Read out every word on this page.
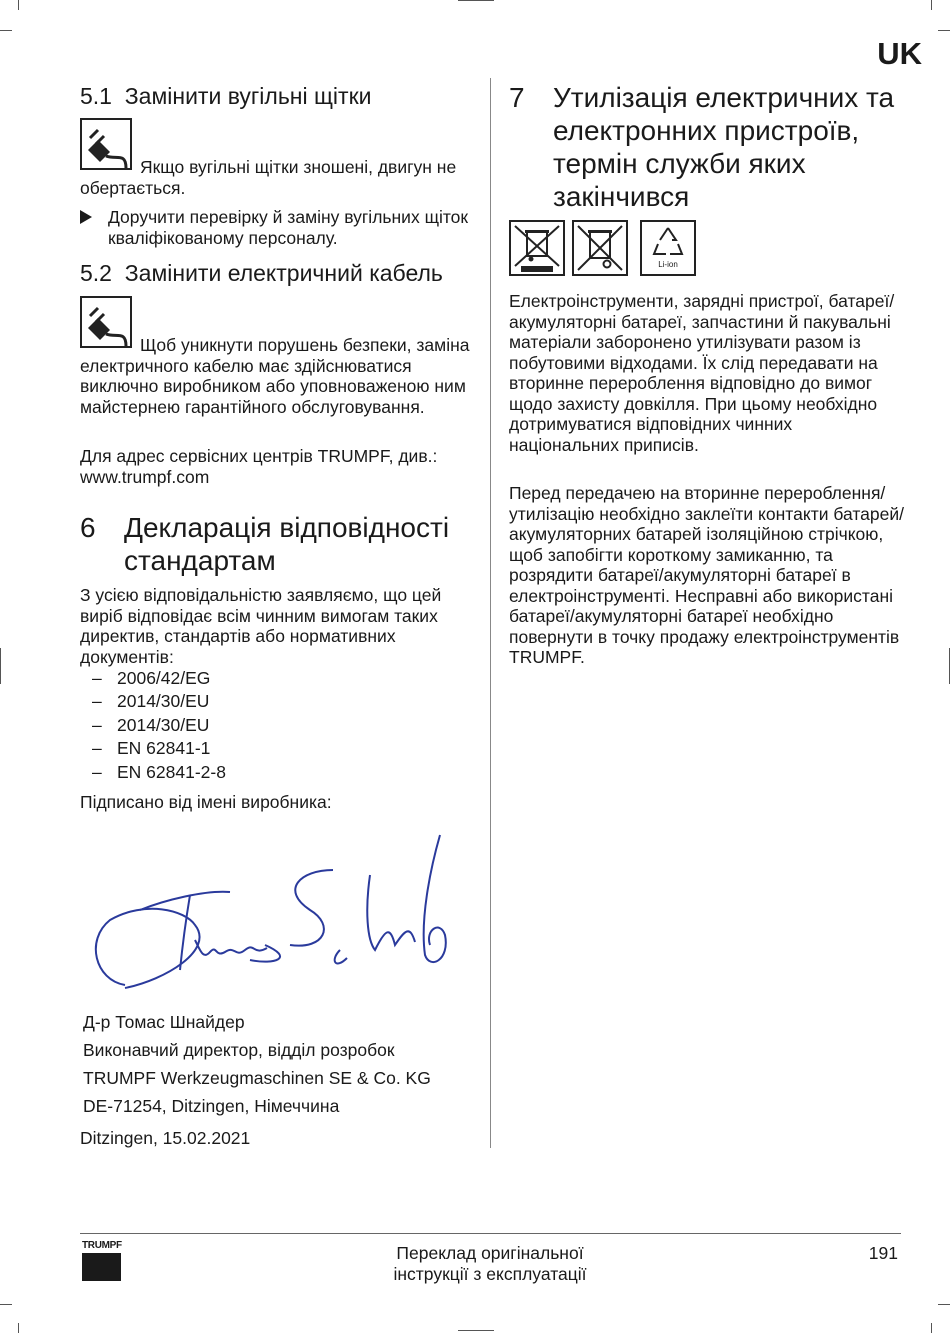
UK
5.1 Замінити вугільні щітки
Якщо вугільні щітки зношені, двигун не обертається.
Доручити перевірку й заміну вугільних щіток кваліфікованому персоналу.
5.2 Замінити електричний кабель
Щоб уникнути порушень безпеки, заміна електричного кабелю має здійснюватися виключно виробником або уповноваженою ним майстернею гарантійного обслуговування.
Для адрес сервісних центрів TRUMPF, див.: www.trumpf.com
6 Декларація відповідності стандартам
З усією відповідальністю заявляємо, що цей виріб відповідає всім чинним вимогам таких директив, стандартів або нормативних документів:
– 2006/42/EG
– 2014/30/EU
– 2014/30/EU
– EN 62841-1
– EN 62841-2-8
Підписано від імені виробника:
Д-р Томас Шнайдер
Виконавчий директор, відділ розробок
TRUMPF Werkzeugmaschinen SE & Co. KG
DE-71254, Ditzingen, Німеччина
Ditzingen, 15.02.2021
7 Утилізація електричних та електронних пристроїв, термін служби яких закінчився
Li-ion
Електроінструменти, зарядні пристрої, батареї/акумуляторні батареї, запчастини й пакувальні матеріали заборонено утилізувати разом із побутовими відходами. Їх слід передавати на вторинне перероблення відповідно до вимог щодо захисту довкілля. При цьому необхідно дотримуватися відповідних чинних національних приписів.
Перед передачею на вторинне перероблення/утилізацію необхідно заклеїти контакти батарей/акумуляторних батарей ізоляційною стрічкою, щоб запобігти короткому замиканню, та розрядити батареї/акумуляторні батареї в електроінструменті. Несправні або використані батареї/акумуляторні батареї необхідно повернути в точку продажу електроінструментів TRUMPF.
TRUMPF	Переклад оригінальної
інструкції з експлуатації
191
